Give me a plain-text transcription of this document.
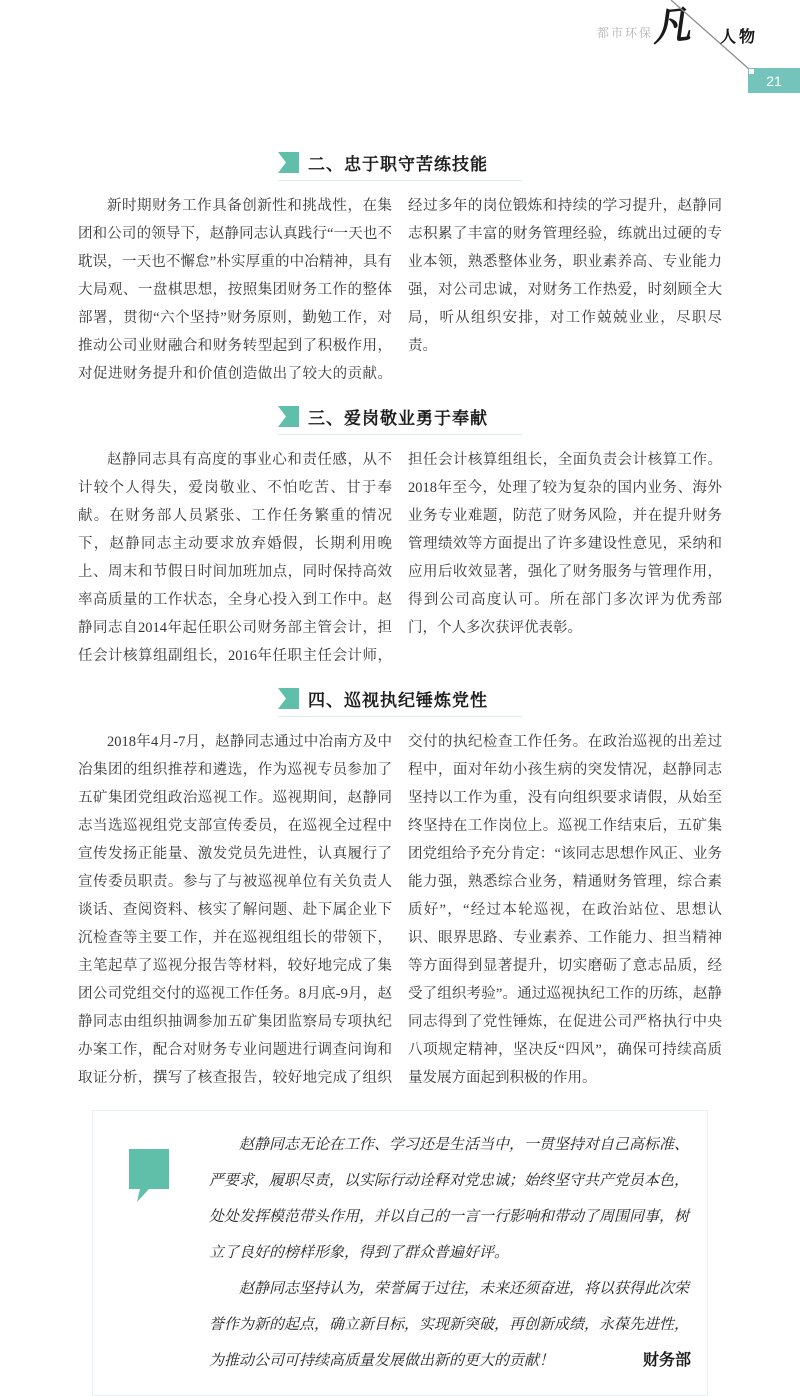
都市环保
凡 人物
21
二、忠于职守苦练技能

新时期财务工作具备创新性和挑战性，在集团和公司的领导下，赵静同志认真践行“一天也不耽误，一天也不懈怠”朴实厚重的中冶精神，具有大局观、一盘棋思想，按照集团财务工作的整体部署，贯彻“六个坚持”财务原则，勤勉工作，对推动公司业财融合和财务转型起到了积极作用，对促进财务提升和价值创造做出了较大的贡献。经过多年的岗位锻炼和持续的学习提升，赵静同志积累了丰富的财务管理经验，练就出过硬的专业本领，熟悉整体业务，职业素养高、专业能力强，对公司忠诚，对财务工作热爱，时刻顾全大局，听从组织安排，对工作兢兢业业，尽职尽责。

三、爱岗敬业勇于奉献

赵静同志具有高度的事业心和责任感，从不计较个人得失，爱岗敬业、不怕吃苦、甘于奉献。在财务部人员紧张、工作任务繁重的情况下，赵静同志主动要求放弃婚假，长期利用晚上、周末和节假日时间加班加点，同时保持高效率高质量的工作状态，全身心投入到工作中。赵静同志自2014年起任职公司财务部主管会计，担任会计核算组副组长，2016年任职主任会计师，担任会计核算组组长，全面负责会计核算工作。2018年至今，处理了较为复杂的国内业务、海外业务专业难题，防范了财务风险，并在提升财务管理绩效等方面提出了许多建设性意见，采纳和应用后收效显著，强化了财务服务与管理作用，得到公司高度认可。所在部门多次评为优秀部门，个人多次获评优表彰。

四、巡视执纪锤炼党性

2018年4月-7月，赵静同志通过中冶南方及中冶集团的组织推荐和遴选，作为巡视专员参加了五矿集团党组政治巡视工作。巡视期间，赵静同志当选巡视组党支部宣传委员，在巡视全过程中宣传发扬正能量、激发党员先进性，认真履行了宣传委员职责。参与了与被巡视单位有关负责人谈话、查阅资料、核实了解问题、赴下属企业下沉检查等主要工作，并在巡视组组长的带领下，主笔起草了巡视分报告等材料，较好地完成了集团公司党组交付的巡视工作任务。8月底-9月，赵静同志由组织抽调参加五矿集团监察局专项执纪办案工作，配合对财务专业问题进行调查问询和取证分析，撰写了核查报告，较好地完成了组织交付的执纪检查工作任务。在政治巡视的出差过程中，面对年幼小孩生病的突发情况，赵静同志坚持以工作为重，没有向组织要求请假，从始至终坚持在工作岗位上。巡视工作结束后，五矿集团党组给予充分肯定：“该同志思想作风正、业务能力强，熟悉综合业务，精通财务管理，综合素质好”，“经过本轮巡视，在政治站位、思想认识、眼界思路、专业素养、工作能力、担当精神等方面得到显著提升，切实磨砺了意志品质，经受了组织考验”。通过巡视执纪工作的历练，赵静同志得到了党性锤炼，在促进公司严格执行中央八项规定精神，坚决反“四风”，确保可持续高质量发展方面起到积极的作用。

赵静同志无论在工作、学习还是生活当中，一贯坚持对自己高标准、严要求，履职尽责，以实际行动诠释对党忠诚；始终坚守共产党员本色，处处发挥模范带头作用，并以自己的一言一行影响和带动了周围同事，树立了良好的榜样形象，得到了群众普遍好评。

赵静同志坚持认为，荣誉属于过往，未来还须奋进，将以获得此次荣誉作为新的起点，确立新目标，实现新突破，再创新成绩，永葆先进性，为推动公司可持续高质量发展做出新的更大的贡献！	财务部
